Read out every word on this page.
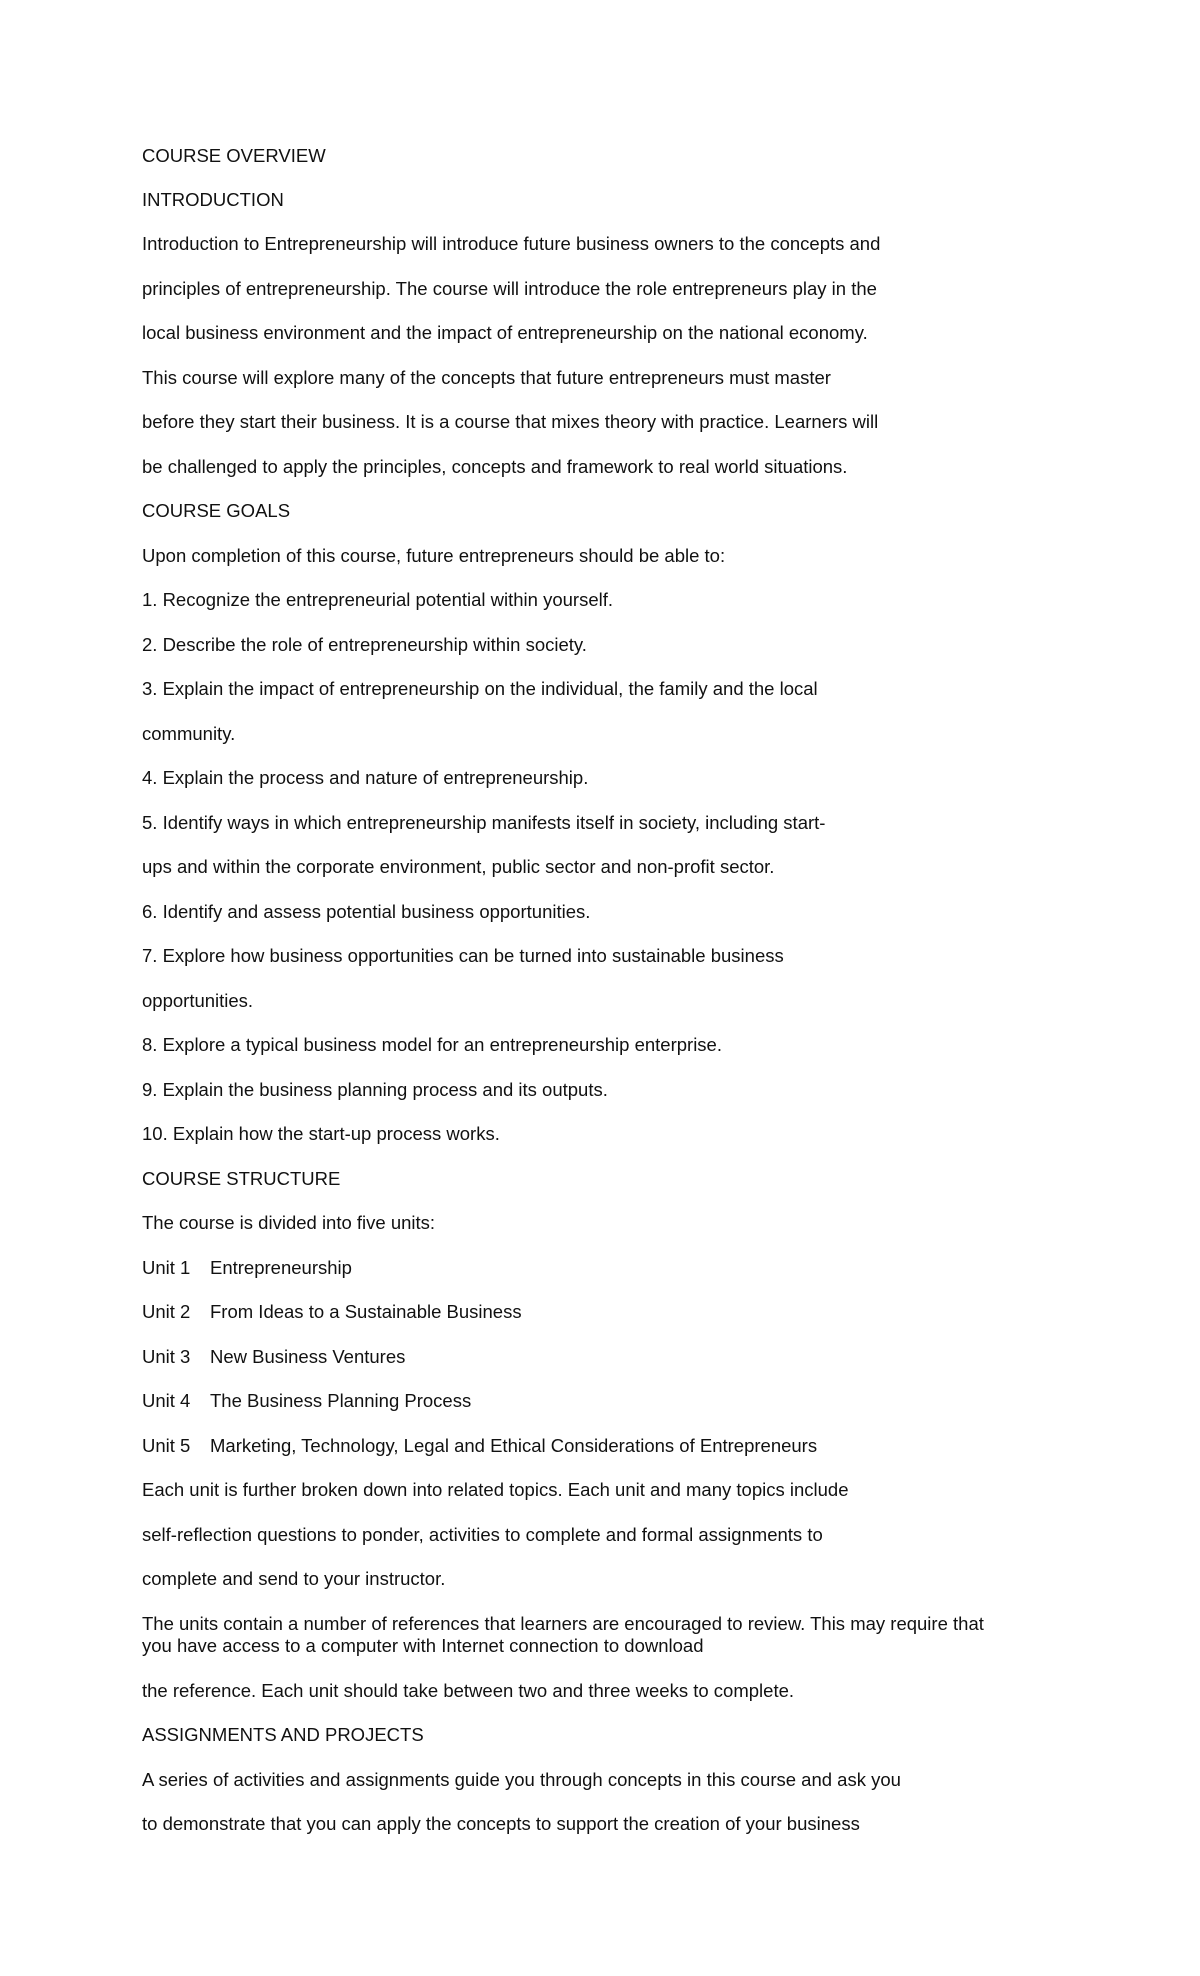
COURSE OVERVIEW

INTRODUCTION

Introduction to Entrepreneurship will introduce future business owners to the concepts and

principles of entrepreneurship. The course will introduce the role entrepreneurs play in the

local business environment and the impact of entrepreneurship on the national economy.

This course will explore many of the concepts that future entrepreneurs must master

before they start their business. It is a course that mixes theory with practice. Learners will

be challenged to apply the principles, concepts and framework to real world situations.

COURSE GOALS

Upon completion of this course, future entrepreneurs should be able to:

1. Recognize the entrepreneurial potential within yourself.

2. Describe the role of entrepreneurship within society.

3. Explain the impact of entrepreneurship on the individual, the family and the local

community.

4. Explain the process and nature of entrepreneurship.

5. Identify ways in which entrepreneurship manifests itself in society, including start-

ups and within the corporate environment, public sector and non-profit sector.

6. Identify and assess potential business opportunities.

7. Explore how business opportunities can be turned into sustainable business

opportunities.

8. Explore a typical business model for an entrepreneurship enterprise.

9. Explain the business planning process and its outputs.

10. Explain how the start-up process works.

COURSE STRUCTURE

The course is divided into five units:

Unit 1 Entrepreneurship

Unit 2 From Ideas to a Sustainable Business

Unit 3 New Business Ventures

Unit 4 The Business Planning Process

Unit 5 Marketing, Technology, Legal and Ethical Considerations of Entrepreneurs

Each unit is further broken down into related topics. Each unit and many topics include

self-reflection questions to ponder, activities to complete and formal assignments to

complete and send to your instructor.

The units contain a number of references that learners are encouraged to review. This may require that

you have access to a computer with Internet connection to download

the reference. Each unit should take between two and three weeks to complete.

ASSIGNMENTS AND PROJECTS

A series of activities and assignments guide you through concepts in this course and ask you

to demonstrate that you can apply the concepts to support the creation of your business
